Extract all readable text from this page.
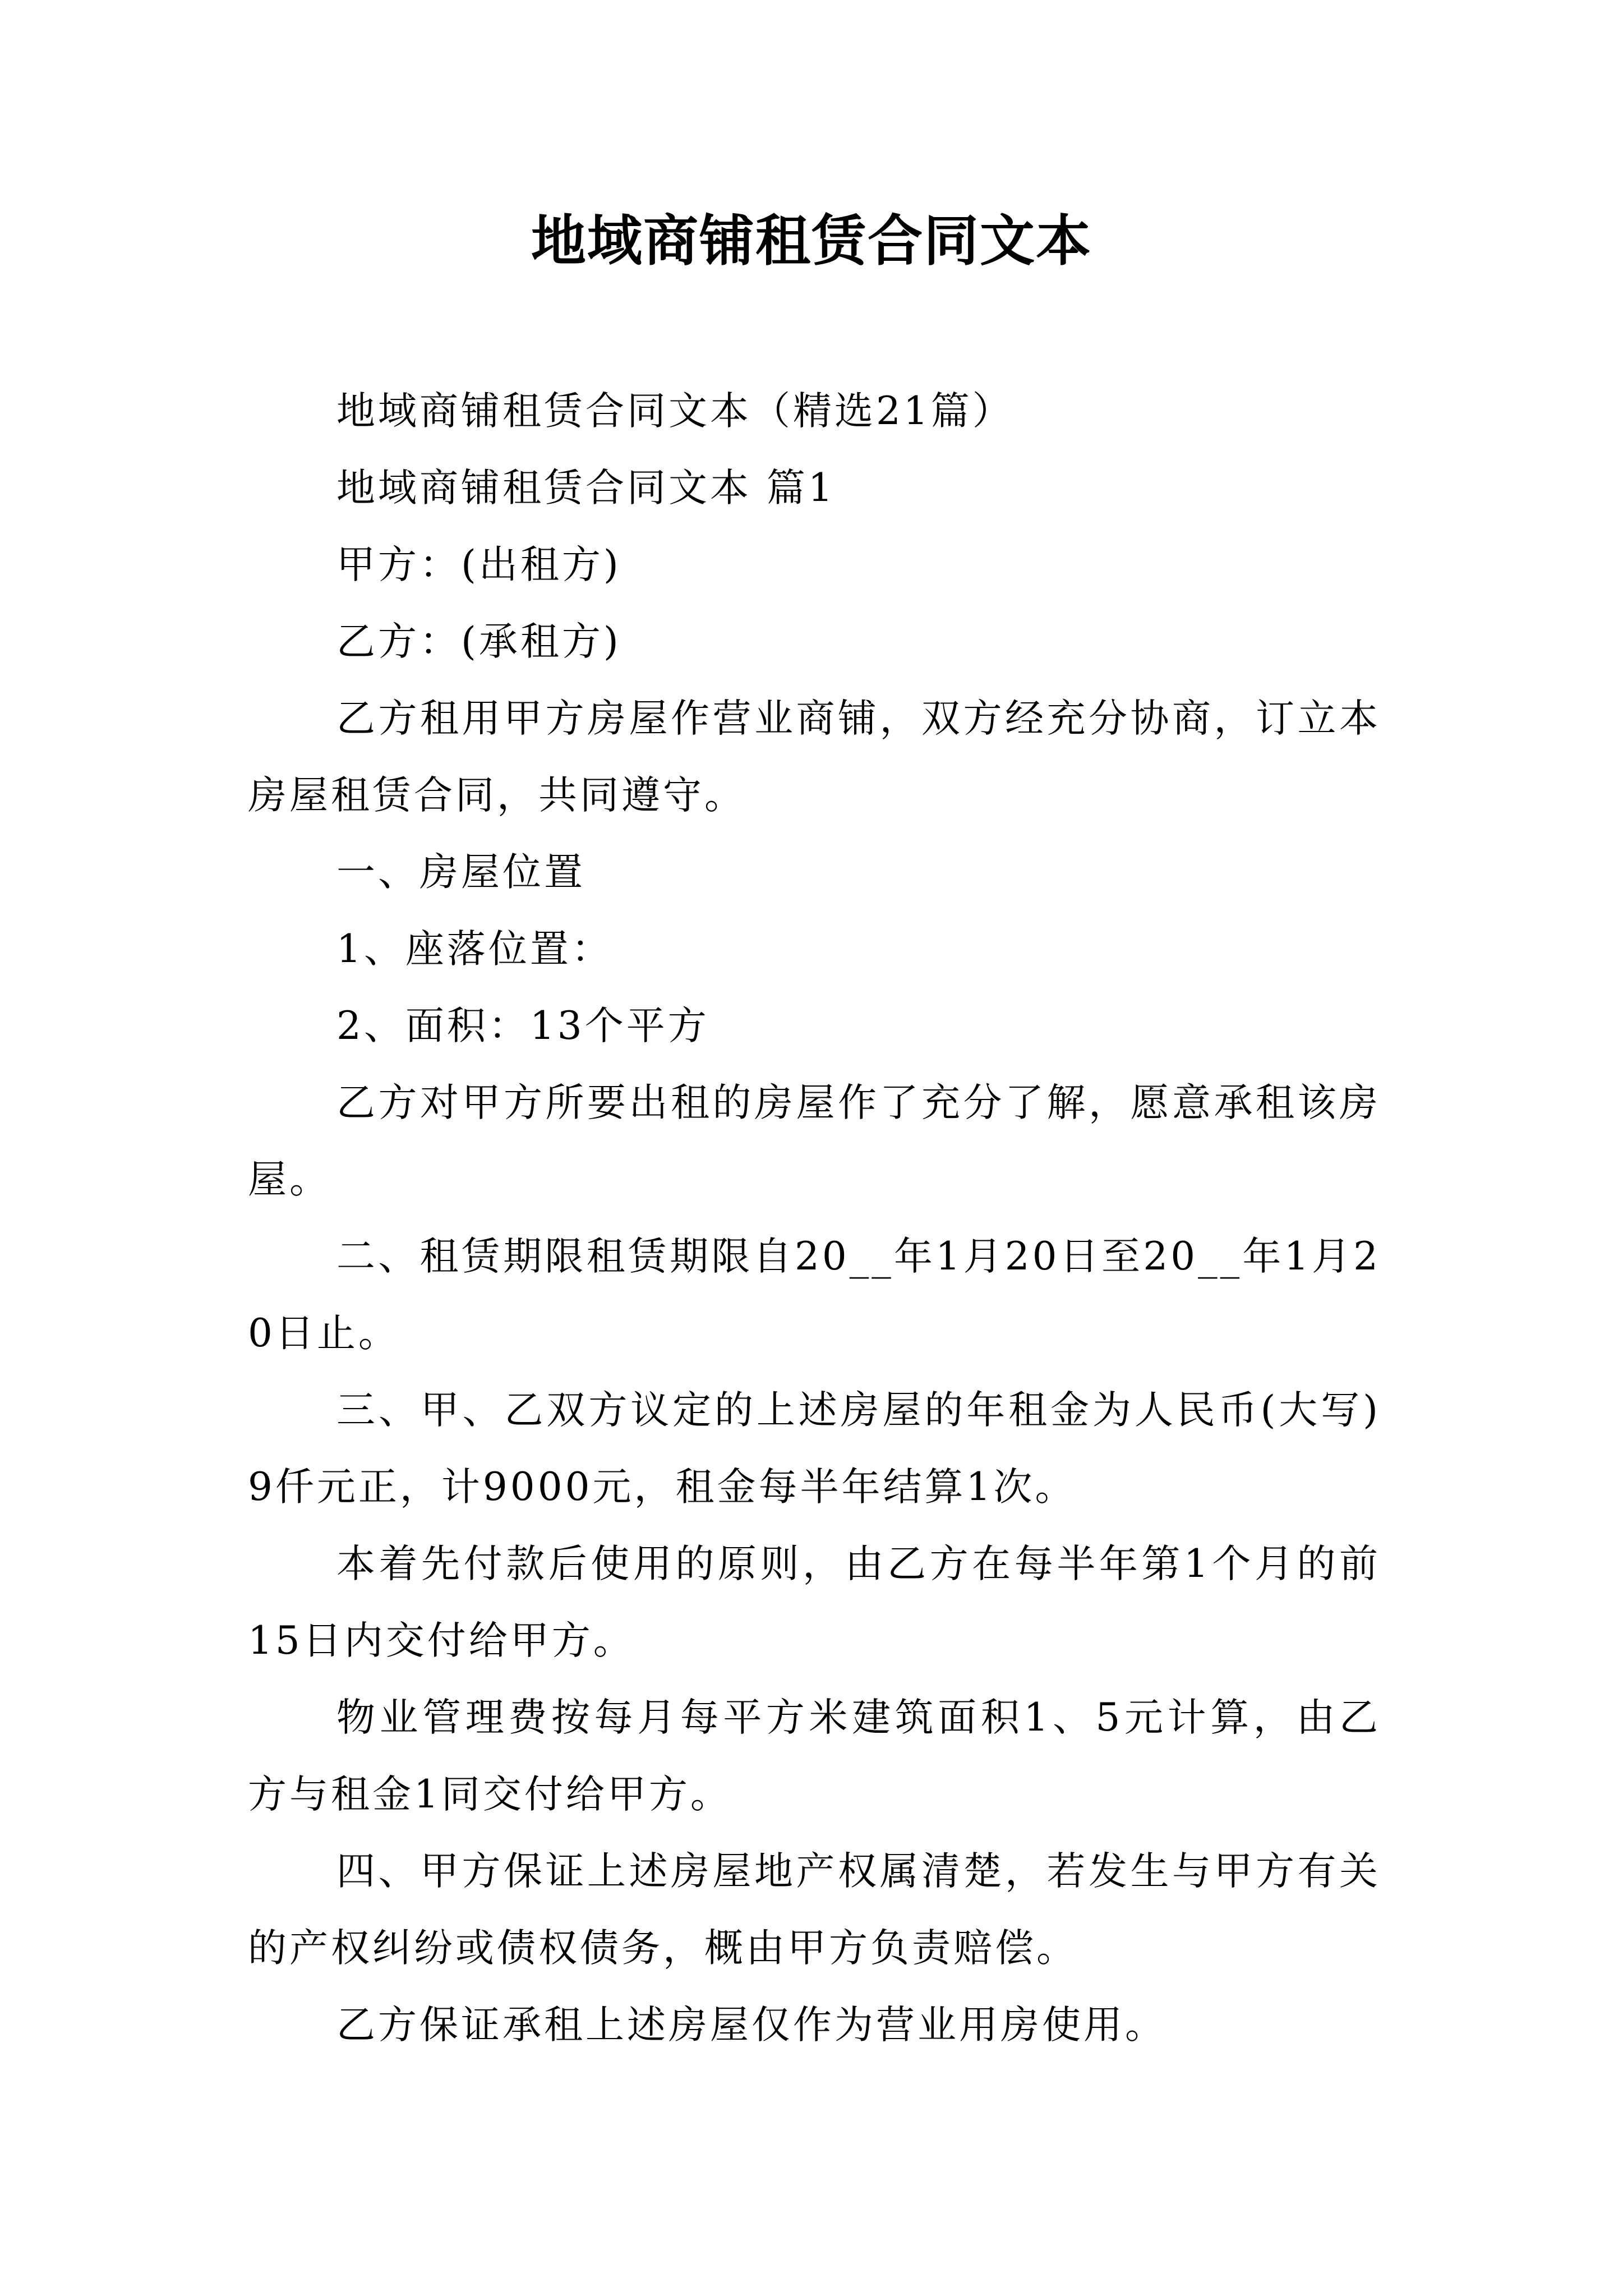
地域商铺租赁合同文本

地域商铺租赁合同文本（精选21篇）

地域商铺租赁合同文本 篇1

甲方：(出租方)

乙方：(承租方)

乙方租用甲方房屋作营业商铺，双方经充分协商，订立本房屋租赁合同，共同遵守。

一、房屋位置

1、座落位置：

2、面积：13个平方

乙方对甲方所要出租的房屋作了充分了解，愿意承租该房屋。

二、租赁期限租赁期限自20__年1月20日至20__年1月20日止。

三、甲、乙双方议定的上述房屋的年租金为人民币(大写)9仟元正，计9000元，租金每半年结算1次。

本着先付款后使用的原则，由乙方在每半年第1个月的前15日内交付给甲方。

物业管理费按每月每平方米建筑面积1、5元计算，由乙方与租金1同交付给甲方。

四、甲方保证上述房屋地产权属清楚，若发生与甲方有关的产权纠纷或债权债务，概由甲方负责赔偿。

乙方保证承租上述房屋仅作为营业用房使用。
